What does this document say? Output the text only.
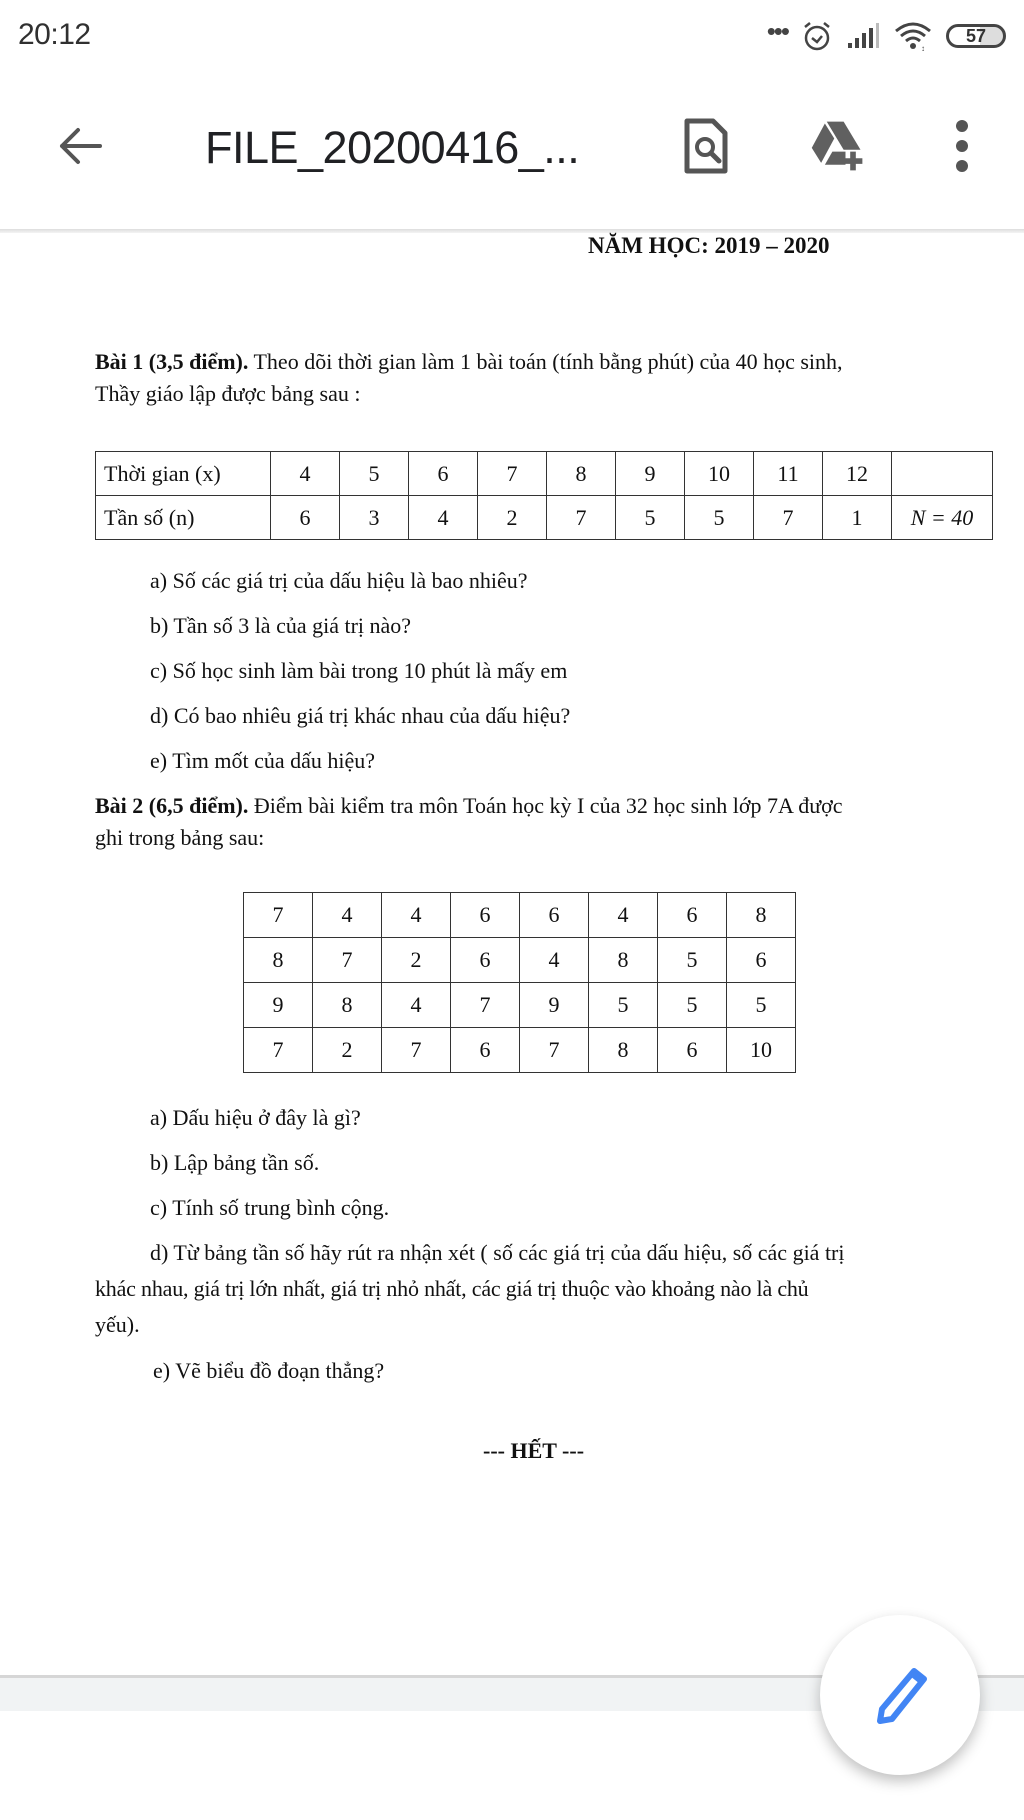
20:12	•••
↕
57
FILE_20200416_...
NĂM HỌC: 2019 – 2020
Bài 1 (3,5 điểm). Theo dõi thời gian làm 1 bài toán (tính bằng phút) của 40 học sinh,
Thầy giáo lập được bảng sau :
Thời gian (x)	4	5	6	7	8	9	10	11	12	
Tần số (n)	6	3	4	2	7	5	5	7	1	N = 40
a) Số các giá trị của dấu hiệu là bao nhiêu?
b) Tần số 3 là của giá trị nào?
c) Số học sinh làm bài trong 10 phút là mấy em
d) Có bao nhiêu giá trị khác nhau của dấu hiệu?
e) Tìm mốt của dấu hiệu?
Bài 2 (6,5 điểm). Điểm bài kiểm tra môn Toán học kỳ I của 32 học sinh lớp 7A được
ghi trong bảng sau:
7	4	4	6	6	4	6	8
8	7	2	6	4	8	5	6
9	8	4	7	9	5	5	5
7	2	7	6	7	8	6	10
a) Dấu hiệu ở đây là gì?
b) Lập bảng tần số.
c) Tính số trung bình cộng.
d) Từ bảng tần số hãy rút ra nhận xét ( số các giá trị của dấu hiệu, số các giá trị
khác nhau, giá trị lớn nhất, giá trị nhỏ nhất, các giá trị thuộc vào khoảng nào là chủ
yếu).
e) Vẽ biểu đồ đoạn thẳng?
--- HẾT ---
